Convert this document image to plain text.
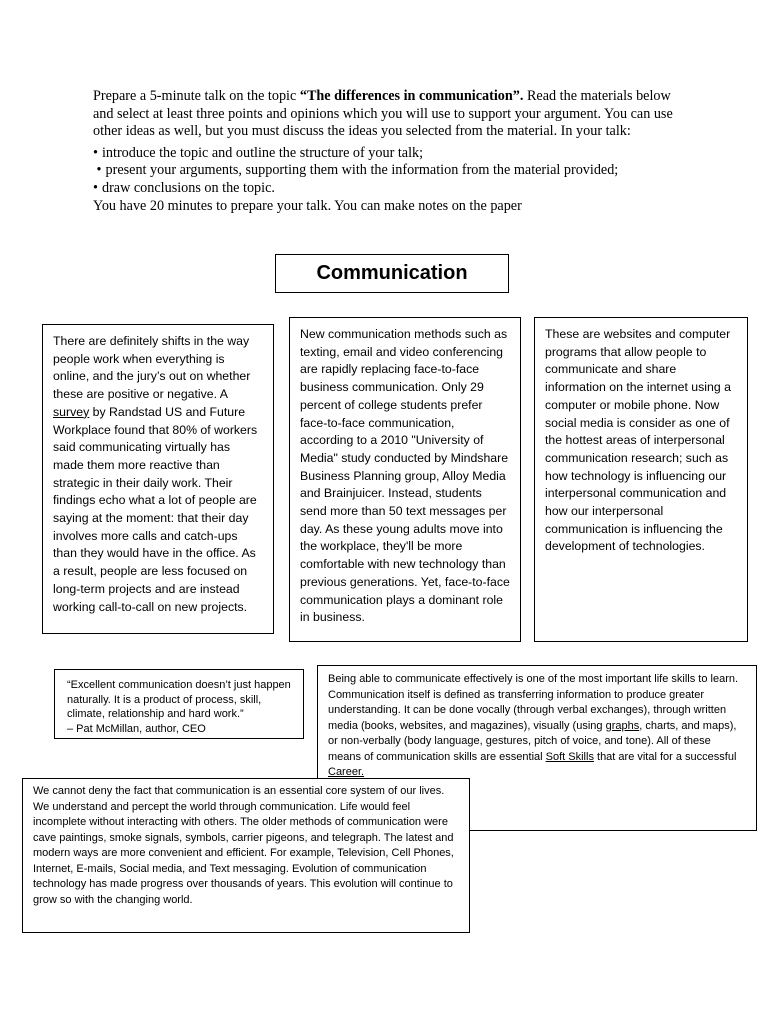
Prepare a 5-minute talk on the topic “The differences in communication”. Read the materials below and select at least three points and opinions which you will use to support your argument. You can use other ideas as well, but you must discuss the ideas you selected from the material. In your talk:

• introduce the topic and outline the structure of your talk;
• present your arguments, supporting them with the information from the material provided;
• draw conclusions on the topic.

You have 20 minutes to prepare your talk. You can make notes on the paper

Communication

There are definitely shifts in the way people work when everything is online, and the jury’s out on whether these are positive or negative. A survey by Randstad US and Future Workplace found that 80% of workers said communicating virtually has made them more reactive than strategic in their daily work. Their findings echo what a lot of people are saying at the moment: that their day involves more calls and catch-ups than they would have in the office. As a result, people are less focused on long-term projects and are instead working call-to-call on new projects.

New communication methods such as texting, email and video conferencing are rapidly replacing face-to-face business communication. Only 29 percent of college students prefer face-to-face communication, according to a 2010 "University of Media" study conducted by Mindshare Business Planning group, Alloy Media and Brainjuicer. Instead, students send more than 50 text messages per day. As these young adults move into the workplace, they'll be more comfortable with new technology than previous generations. Yet, face-to-face communication plays a dominant role in business.

These are websites and computer programs that allow people to communicate and share information on the internet using a computer or mobile phone. Now social media is consider as one of the hottest areas of interpersonal communication research; such as how technology is influencing our interpersonal communication and how our interpersonal communication is influencing the development of technologies.

“Excellent communication doesn’t just happen naturally. It is a product of process, skill, climate, relationship and hard work.”
– Pat McMillan, author, CEO
Being able to communicate effectively is one of the most important life skills to learn. Communication itself is defined as transferring information to produce greater understanding. It can be done vocally (through verbal exchanges), through written media (books, websites, and magazines), visually (using graphs, charts, and maps), or non-verbally (body language, gestures, pitch of voice, and tone). All of these means of communication skills are essential Soft Skills that are vital for a successful Career.
We cannot deny the fact that communication is an essential core system of our lives. We understand and percept the world through communication. Life would feel incomplete without interacting with others. The older methods of communication were cave paintings, smoke signals, symbols, carrier pigeons, and telegraph. The latest and modern ways are more convenient and efficient. For example, Television, Cell Phones, Internet, E-mails, Social media, and Text messaging. Evolution of communication technology has made progress over thousands of years. This evolution will continue to grow so with the changing world.
